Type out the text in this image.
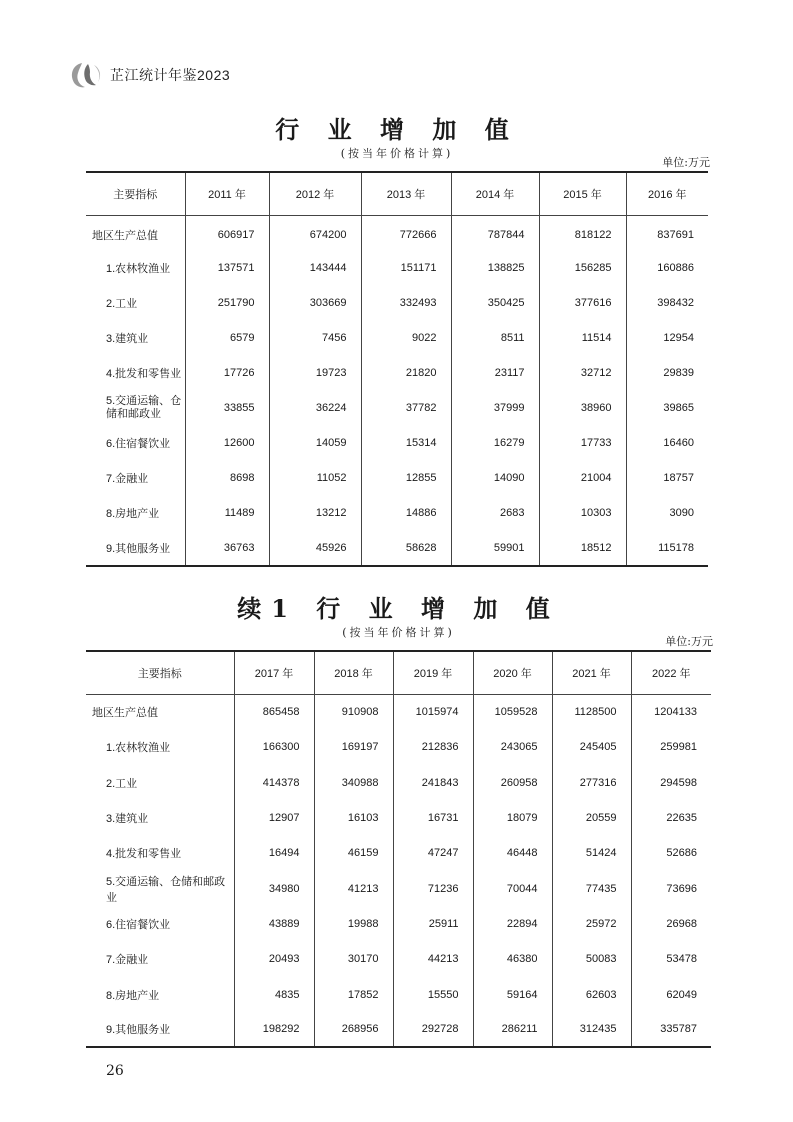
芷江统计年鉴2023
行 业 增 加 值
(按当年价格计算)
单位:万元
主要指标	2011 年	2012 年	2013 年	2014 年	2015 年	2016 年
地区生产总值	606917	674200	772666	787844	818122	837691
1.农林牧渔业	137571	143444	151171	138825	156285	160886
2.工业	251790	303669	332493	350425	377616	398432
3.建筑业	6579	7456	9022	8511	11514	12954
4.批发和零售业	17726	19723	21820	23117	32712	29839

5.交通运输、仓储和邮政业	33855	36224	37782	37999	38960	39865
6.住宿餐饮业	12600	14059	15314	16279	17733	16460
7.金融业	8698	11052	12855	14090	21004	18757
8.房地产业	11489	13212	14886	2683	10303	3090
9.其他服务业	36763	45926	58628	59901	18512	115178
续1 行 业 增 加 值
(按当年价格计算)
单位:万元
主要指标	2017 年	2018 年	2019 年	2020 年	2021 年	2022 年
地区生产总值	865458	910908	1015974	1059528	1128500	1204133
1.农林牧渔业	166300	169197	212836	243065	245405	259981
2.工业	414378	340988	241843	260958	277316	294598
3.建筑业	12907	16103	16731	18079	20559	22635
4.批发和零售业	16494	46159	47247	46448	51424	52686
5.交通运输、仓储和邮政业	34980	41213	71236	70044	77435	73696
6.住宿餐饮业	43889	19988	25911	22894	25972	26968
7.金融业	20493	30170	44213	46380	50083	53478
8.房地产业	4835	17852	15550	59164	62603	62049
9.其他服务业	198292	268956	292728	286211	312435	335787
26
